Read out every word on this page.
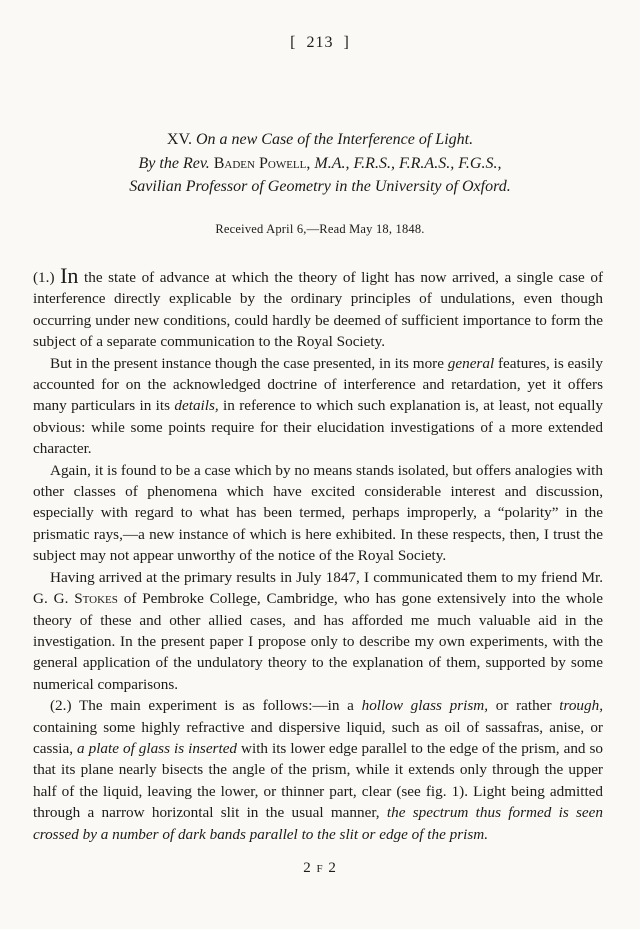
[ 213 ]
XV. On a new Case of the Interference of Light.
By the Rev. Baden Powell, M.A., F.R.S., F.R.A.S., F.G.S.,
Savilian Professor of Geometry in the University of Oxford.
Received April 6,—Read May 18, 1848.

(1.) In the state of advance at which the theory of light has now arrived, a single case of interference directly explicable by the ordinary principles of undulations, even though occurring under new conditions, could hardly be deemed of sufficient importance to form the subject of a separate communication to the Royal Society.

But in the present instance though the case presented, in its more general features, is easily accounted for on the acknowledged doctrine of interference and retardation, yet it offers many particulars in its details, in reference to which such explanation is, at least, not equally obvious: while some points require for their elucidation investigations of a more extended character.

Again, it is found to be a case which by no means stands isolated, but offers analogies with other classes of phenomena which have excited considerable interest and discussion, especially with regard to what has been termed, perhaps improperly, a “polarity” in the prismatic rays,—a new instance of which is here exhibited. In these respects, then, I trust the subject may not appear unworthy of the notice of the Royal Society.

Having arrived at the primary results in July 1847, I communicated them to my friend Mr. G. G. Stokes of Pembroke College, Cambridge, who has gone extensively into the whole theory of these and other allied cases, and has afforded me much valuable aid in the investigation. In the present paper I propose only to describe my own experiments, with the general application of the undulatory theory to the explanation of them, supported by some numerical comparisons.

(2.) The main experiment is as follows:—in a hollow glass prism, or rather trough, containing some highly refractive and dispersive liquid, such as oil of sassafras, anise, or cassia, a plate of glass is inserted with its lower edge parallel to the edge of the prism, and so that its plane nearly bisects the angle of the prism, while it extends only through the upper half of the liquid, leaving the lower, or thinner part, clear (see fig. 1). Light being admitted through a narrow horizontal slit in the usual manner, the spectrum thus formed is seen crossed by a number of dark bands parallel to the slit or edge of the prism.

2 F 2
